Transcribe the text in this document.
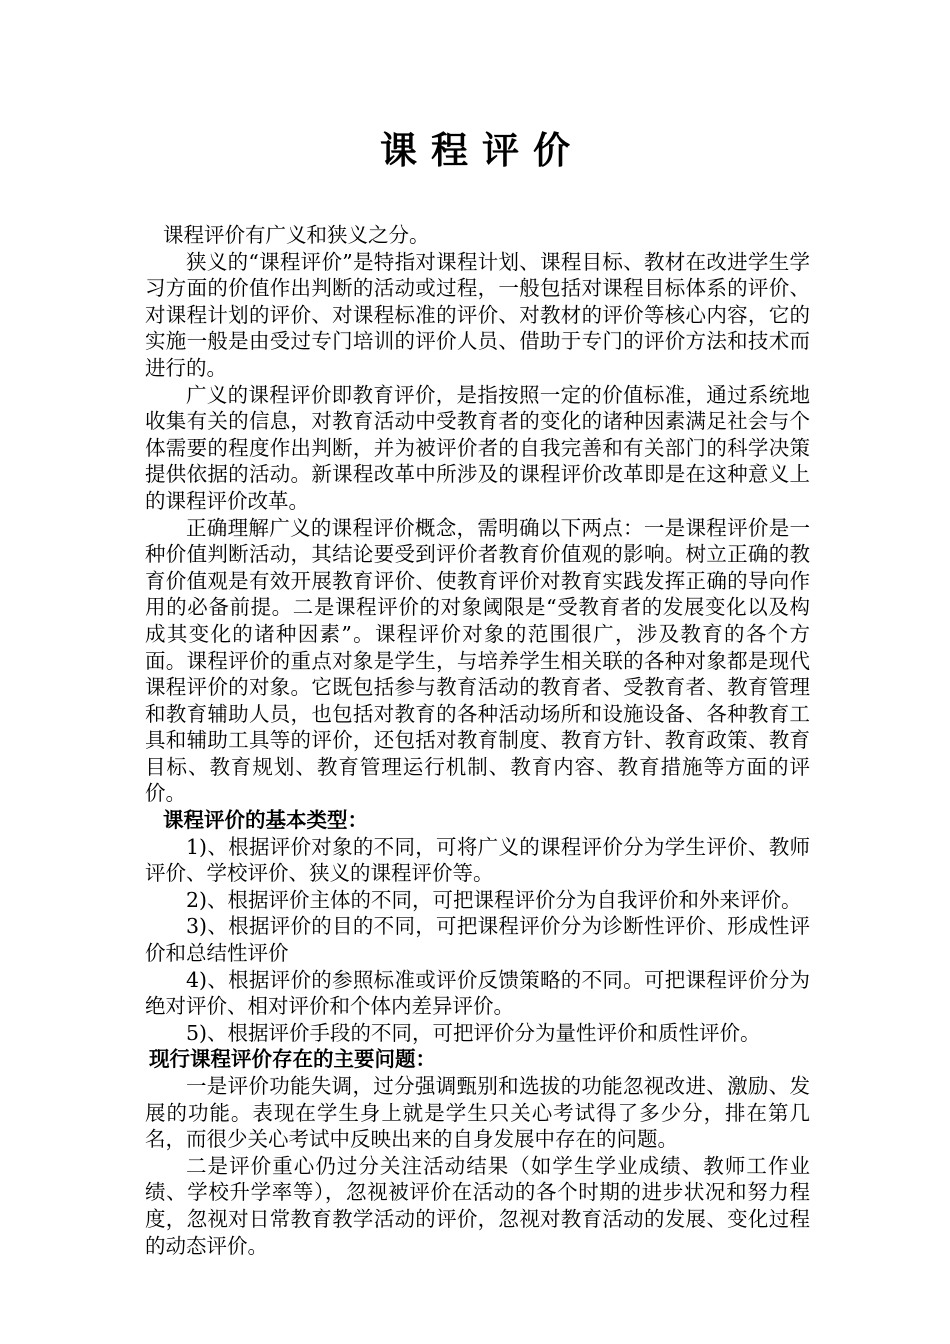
课程评价

课程评价有广义和狭义之分。

狭义的“课程评价”是特指对课程计划、课程目标、教材在改进学生学习方面的价值作出判断的活动或过程，一般包括对课程目标体系的评价、对课程计划的评价、对课程标准的评价、对教材的评价等核心内容，它的实施一般是由受过专门培训的评价人员、借助于专门的评价方法和技术而进行的。

广义的课程评价即教育评价，是指按照一定的价值标准，通过系统地收集有关的信息，对教育活动中受教育者的变化的诸种因素满足社会与个体需要的程度作出判断，并为被评价者的自我完善和有关部门的科学决策提供依据的活动。新课程改革中所涉及的课程评价改革即是在这种意义上的课程评价改革。

正确理解广义的课程评价概念，需明确以下两点：一是课程评价是一种价值判断活动，其结论要受到评价者教育价值观的影响。树立正确的教育价值观是有效开展教育评价、使教育评价对教育实践发挥正确的导向作用的必备前提。二是课程评价的对象阈限是“受教育者的发展变化以及构成其变化的诸种因素”。课程评价对象的范围很广，涉及教育的各个方面。课程评价的重点对象是学生，与培养学生相关联的各种对象都是现代课程评价的对象。它既包括参与教育活动的教育者、受教育者、教育管理和教育辅助人员，也包括对教育的各种活动场所和设施设备、各种教育工具和辅助工具等的评价，还包括对教育制度、教育方针、教育政策、教育目标、教育规划、教育管理运行机制、教育内容、教育措施等方面的评价。

课程评价的基本类型：

1)、根据评价对象的不同，可将广义的课程评价分为学生评价、教师评价、学校评价、狭义的课程评价等。

2)、根据评价主体的不同，可把课程评价分为自我评价和外来评价。

3)、根据评价的目的不同，可把课程评价分为诊断性评价、形成性评价和总结性评价

4)、根据评价的参照标准或评价反馈策略的不同。可把课程评价分为绝对评价、相对评价和个体内差异评价。

5)、根据评价手段的不同，可把评价分为量性评价和质性评价。

现行课程评价存在的主要问题：

一是评价功能失调，过分强调甄别和选拔的功能忽视改进、激励、发展的功能。表现在学生身上就是学生只关心考试得了多少分，排在第几名，而很少关心考试中反映出来的自身发展中存在的问题。

二是评价重心仍过分关注活动结果（如学生学业成绩、教师工作业绩、学校升学率等），忽视被评价在活动的各个时期的进步状况和努力程度，忽视对日常教育教学活动的评价，忽视对教育活动的发展、变化过程的动态评价。
